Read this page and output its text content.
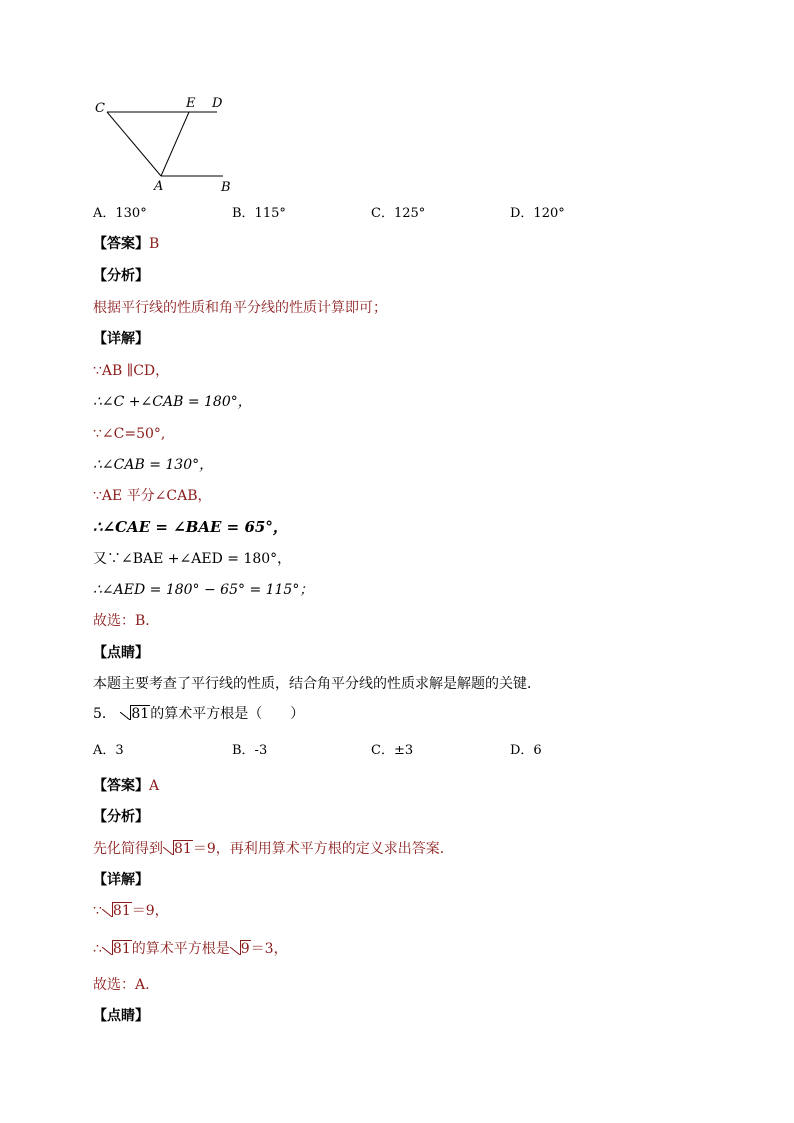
C	E D
A	B
A．130°	B．115°	C．125°	D．120°
【答案】B
【分析】
根据平行线的性质和角平分线的性质计算即可；
【详解】
∵AB ∥CD，
∴∠C +∠CAB = 180°，
∵∠C=50°,
∴∠CAB = 130°，
∵AE 平分∠CAB，
∴∠CAE = ∠BAE = 65°，
又∵∠BAE +∠AED = 180°，
∴∠AED = 180° − 65° = 115°；
故选：B．
【点睛】
本题主要考查了平行线的性质，结合角平分线的性质求解是解题的关键．
5． 81的算术平方根是（　　）
A．3	B．-3	C．±3	D．6
【答案】A
【分析】
先化简得到 81＝9，再利用算术平方根的定义求出答案.
【详解】
∵ 81＝9，
∴ 81的算术平方根是 9＝3，
故选：A.
【点睛】
